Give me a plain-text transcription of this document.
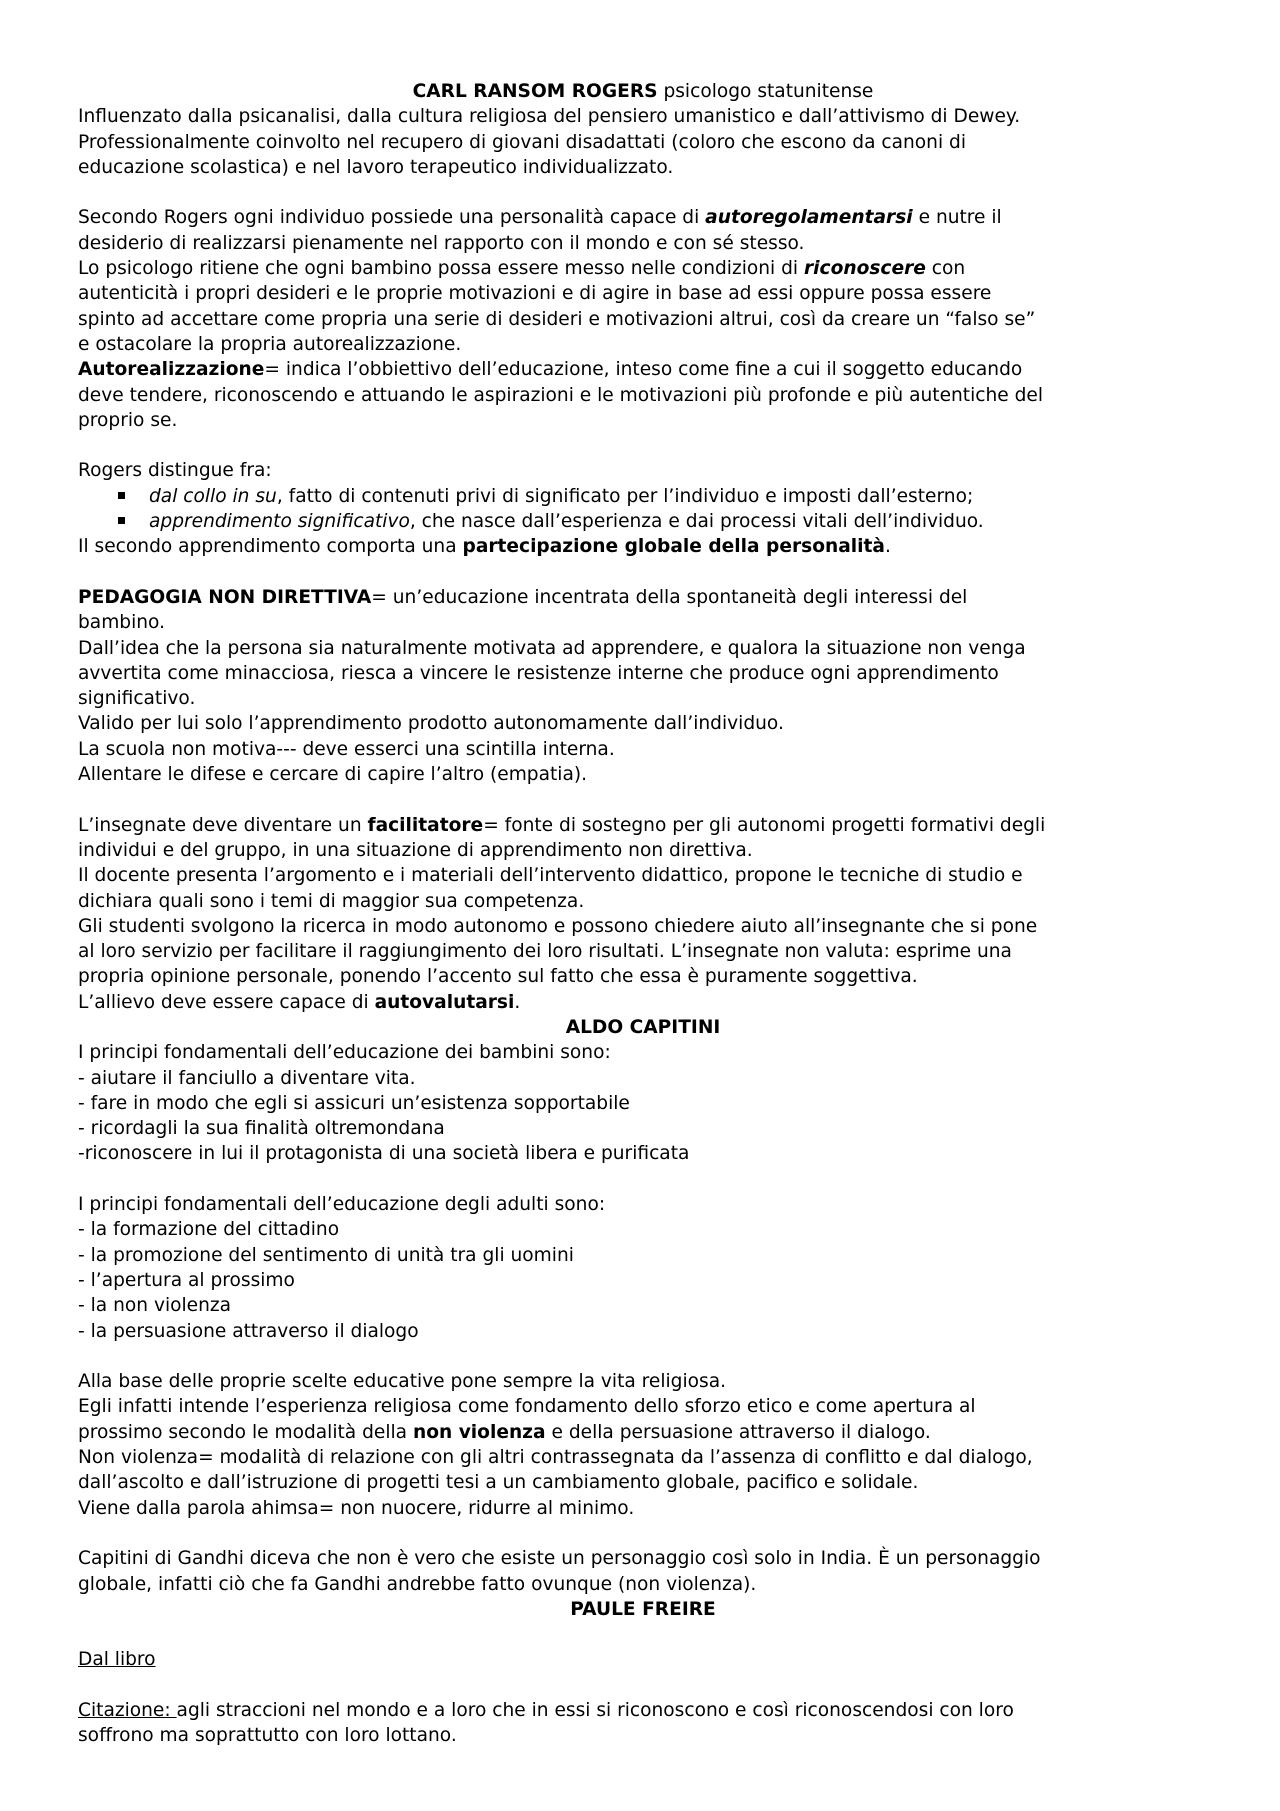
CARL RANSOM ROGERS psicologo statunitense
Influenzato dalla psicanalisi, dalla cultura religiosa del pensiero umanistico e dall’attivismo di Dewey.
Professionalmente coinvolto nel recupero di giovani disadattati (coloro che escono da canoni di
educazione scolastica) e nel lavoro terapeutico individualizzato.
Secondo Rogers ogni individuo possiede una personalità capace di autoregolamentarsi e nutre il
desiderio di realizzarsi pienamente nel rapporto con il mondo e con sé stesso.
Lo psicologo ritiene che ogni bambino possa essere messo nelle condizioni di riconoscere con
autenticità i propri desideri e le proprie motivazioni e di agire in base ad essi oppure possa essere
spinto ad accettare come propria una serie di desideri e motivazioni altrui, così da creare un “falso se”
e ostacolare la propria autorealizzazione.
Autorealizzazione= indica l’obbiettivo dell’educazione, inteso come fine a cui il soggetto educando
deve tendere, riconoscendo e attuando le aspirazioni e le motivazioni più profonde e più autentiche del
proprio se.
Rogers distingue fra:
dal collo in su, fatto di contenuti privi di significato per l’individuo e imposti dall’esterno;
apprendimento significativo, che nasce dall’esperienza e dai processi vitali dell’individuo.
Il secondo apprendimento comporta una partecipazione globale della personalità.
PEDAGOGIA NON DIRETTIVA= un’educazione incentrata della spontaneità degli interessi del
bambino.
Dall’idea che la persona sia naturalmente motivata ad apprendere, e qualora la situazione non venga
avvertita come minacciosa, riesca a vincere le resistenze interne che produce ogni apprendimento
significativo.
Valido per lui solo l’apprendimento prodotto autonomamente dall’individuo.
La scuola non motiva--- deve esserci una scintilla interna.
Allentare le difese e cercare di capire l’altro (empatia).
L’insegnate deve diventare un facilitatore= fonte di sostegno per gli autonomi progetti formativi degli
individui e del gruppo, in una situazione di apprendimento non direttiva.
Il docente presenta l’argomento e i materiali dell’intervento didattico, propone le tecniche di studio e
dichiara quali sono i temi di maggior sua competenza.
Gli studenti svolgono la ricerca in modo autonomo e possono chiedere aiuto all’insegnante che si pone
al loro servizio per facilitare il raggiungimento dei loro risultati. L’insegnate non valuta: esprime una
propria opinione personale, ponendo l’accento sul fatto che essa è puramente soggettiva.
L’allievo deve essere capace di autovalutarsi.
ALDO CAPITINI
I principi fondamentali dell’educazione dei bambini sono:
- aiutare il fanciullo a diventare vita.
- fare in modo che egli si assicuri un’esistenza sopportabile
- ricordagli la sua finalità oltremondana
-riconoscere in lui il protagonista di una società libera e purificata
I principi fondamentali dell’educazione degli adulti sono:
- la formazione del cittadino
- la promozione del sentimento di unità tra gli uomini
- l’apertura al prossimo
- la non violenza
- la persuasione attraverso il dialogo
Alla base delle proprie scelte educative pone sempre la vita religiosa.
Egli infatti intende l’esperienza religiosa come fondamento dello sforzo etico e come apertura al
prossimo secondo le modalità della non violenza e della persuasione attraverso il dialogo.
Non violenza= modalità di relazione con gli altri contrassegnata da l’assenza di conflitto e dal dialogo,
dall’ascolto e dall’istruzione di progetti tesi a un cambiamento globale, pacifico e solidale.
Viene dalla parola ahimsa= non nuocere, ridurre al minimo.
Capitini di Gandhi diceva che non è vero che esiste un personaggio così solo in India. È un personaggio
globale, infatti ciò che fa Gandhi andrebbe fatto ovunque (non violenza).
PAULE FREIRE
Dal libro
Citazione: agli straccioni nel mondo e a loro che in essi si riconoscono e così riconoscendosi con loro
soffrono ma soprattutto con loro lottano.
